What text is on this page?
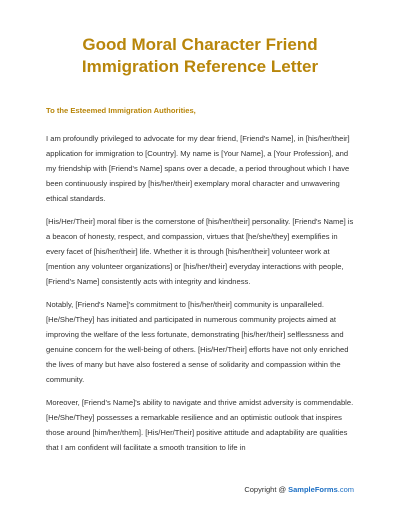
Good Moral Character Friend
Immigration Reference Letter

To the Esteemed Immigration Authorities,

I am profoundly privileged to advocate for my dear friend, [Friend's Name], in [his/her/their] application for immigration to [Country]. My name is [Your Name], a [Your Profession], and my friendship with [Friend's Name] spans over a decade, a period throughout which I have been continuously inspired by [his/her/their] exemplary moral character and unwavering ethical standards.

[His/Her/Their] moral fiber is the cornerstone of [his/her/their] personality. [Friend's Name] is a beacon of honesty, respect, and compassion, virtues that [he/she/they] exemplifies in every facet of [his/her/their] life. Whether it is through [his/her/their] volunteer work at [mention any volunteer organizations] or [his/her/their] everyday interactions with people, [Friend's Name] consistently acts with integrity and kindness.

Notably, [Friend's Name]'s commitment to [his/her/their] community is unparalleled. [He/She/They] has initiated and participated in numerous community projects aimed at improving the welfare of the less fortunate, demonstrating [his/her/their] selflessness and genuine concern for the well-being of others. [His/Her/Their] efforts have not only enriched the lives of many but have also fostered a sense of solidarity and compassion within the community.

Moreover, [Friend's Name]'s ability to navigate and thrive amidst adversity is commendable. [He/She/They] possesses a remarkable resilience and an optimistic outlook that inspires those around [him/her/them]. [His/Her/Their] positive attitude and adaptability are qualities that I am confident will facilitate a smooth transition to life in

Copyright @ SampleForms.com
